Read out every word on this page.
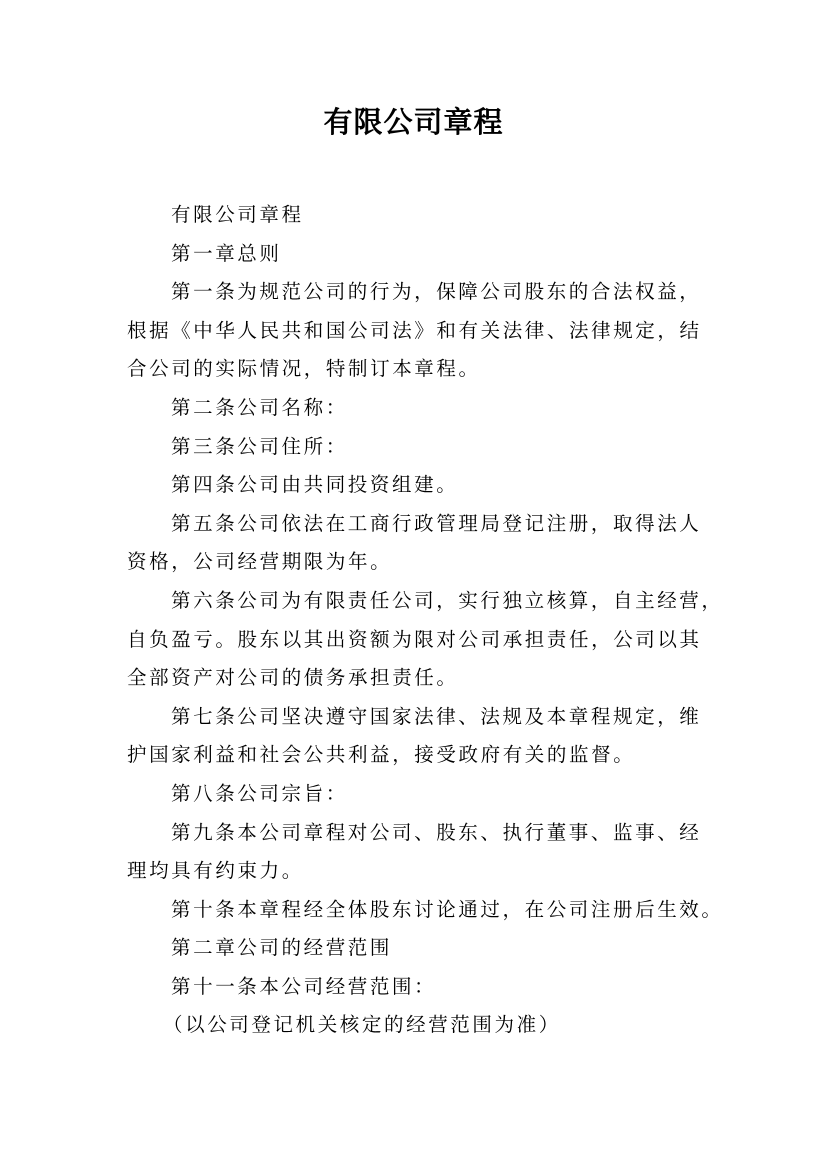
有限公司章程

有限公司章程

第一章总则

第一条为规范公司的行为，保障公司股东的合法权益，
根据《中华人民共和国公司法》和有关法律、法律规定，结
合公司的实际情况，特制订本章程。

第二条公司名称：

第三条公司住所：

第四条公司由共同投资组建。

第五条公司依法在工商行政管理局登记注册，取得法人
资格，公司经营期限为年。

第六条公司为有限责任公司，实行独立核算，自主经营，
自负盈亏。股东以其出资额为限对公司承担责任，公司以其
全部资产对公司的债务承担责任。

第七条公司坚决遵守国家法律、法规及本章程规定，维
护国家利益和社会公共利益，接受政府有关的监督。

第八条公司宗旨：

第九条本公司章程对公司、股东、执行董事、监事、经
理均具有约束力。

第十条本章程经全体股东讨论通过，在公司注册后生效。

第二章公司的经营范围

第十一条本公司经营范围：

（以公司登记机关核定的经营范围为准）
